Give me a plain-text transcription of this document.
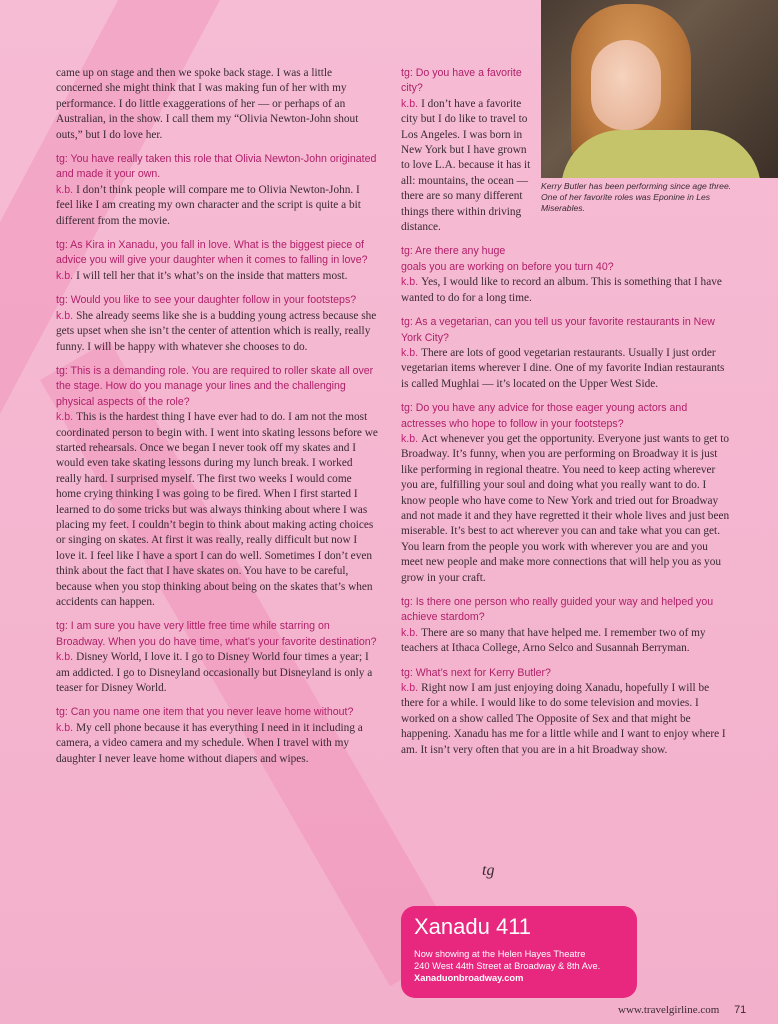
came up on stage and then we spoke back stage. I was a little concerned she might think that I was making fun of her with my performance. I do little exaggerations of her — or perhaps of an Australian, in the show. I call them my “Olivia Newton-John shout outs,” but I do love her.

tg: You have really taken this role that Olivia Newton-John originated and made it your own.

k.b. I don’t think people will compare me to Olivia Newton-John. I feel like I am creating my own character and the script is quite a bit different from the movie.

tg: As Kira in Xanadu, you fall in love. What is the biggest piece of advice you will give your daughter when it comes to falling in love?

k.b. I will tell her that it’s what’s on the inside that matters most.

tg: Would you like to see your daughter follow in your footsteps?

k.b. She already seems like she is a budding young actress because she gets upset when she isn’t the center of attention which is really, really funny. I will be happy with whatever she chooses to do.

tg: This is a demanding role. You are required to roller skate all over the stage. How do you manage your lines and the challenging physical aspects of the role?

k.b. This is the hardest thing I have ever had to do. I am not the most coordinated person to begin with. I went into skating lessons before we started rehearsals. Once we began I never took off my skates and I would even take skating lessons during my lunch break. I worked really hard. I surprised myself. The first two weeks I would come home crying thinking I was going to be fired. When I first started I learned to do some tricks but was always thinking about where I was placing my feet. I couldn’t begin to think about making acting choices or singing on skates. At first it was really, really difficult but now I love it. I feel like I have a sport I can do well. Sometimes I don’t even think about the fact that I have skates on. You have to be careful, because when you stop thinking about being on the skates that’s when accidents can happen.

tg: I am sure you have very little free time while starring on Broadway. When you do have time, what’s your favorite destination?

k.b. Disney World, I love it. I go to Disney World four times a year; I am addicted. I go to Disneyland occasionally but Disneyland is only a teaser for Disney World.

tg: Can you name one item that you never leave home without?

k.b. My cell phone because it has everything I need in it including a camera, a video camera and my schedule. When I travel with my daughter I never leave home without diapers and wipes.

Kerry Butler has been performing since age three. One of her favorite roles was Eponine in Les Miserables.

tg: Do you have a favorite city?

k.b. I don’t have a favorite city but I do like to travel to Los Angeles. I was born in New York but I have grown to love L.A. because it has it all: mountains, the ocean — there are so many different things there within driving distance.

tg: Are there any huge goals you are working on before you turn 40?

k.b. Yes, I would like to record an album. This is something that I have wanted to do for a long time.

tg: As a vegetarian, can you tell us your favorite restaurants in New York City?

k.b. There are lots of good vegetarian restaurants. Usually I just order vegetarian items wherever I dine. One of my favorite Indian restaurants is called Mughlai — it’s located on the Upper West Side.

tg: Do you have any advice for those eager young actors and actresses who hope to follow in your footsteps?

k.b. Act whenever you get the opportunity. Everyone just wants to get to Broadway. It’s funny, when you are performing on Broadway it is just like performing in regional theatre. You need to keep acting wherever you are, fulfilling your soul and doing what you really want to do. I know people who have come to New York and tried out for Broadway and not made it and they have regretted it their whole lives and just been miserable. It’s best to act wherever you can and take what you can get. You learn from the people you work with wherever you are and you meet new people and make more connections that will help you as you grow in your craft.

tg: Is there one person who really guided your way and helped you achieve stardom?

k.b. There are so many that have helped me. I remember two of my teachers at Ithaca College, Arno Selco and Susannah Berryman.

tg: What’s next for Kerry Butler?

k.b. Right now I am just enjoying doing Xanadu, hopefully I will be there for a while. I would like to do some television and movies. I worked on a show called The Opposite of Sex and that might be happening. Xanadu has me for a little while and I want to enjoy where I am. It isn’t very often that you are in a hit Broadway show.

tg
Xanadu 411
Now showing at the Helen Hayes Theatre
240 West 44th Street at Broadway & 8th Ave.
Xanaduonbroadway.com
www.travelgirline.com 71
